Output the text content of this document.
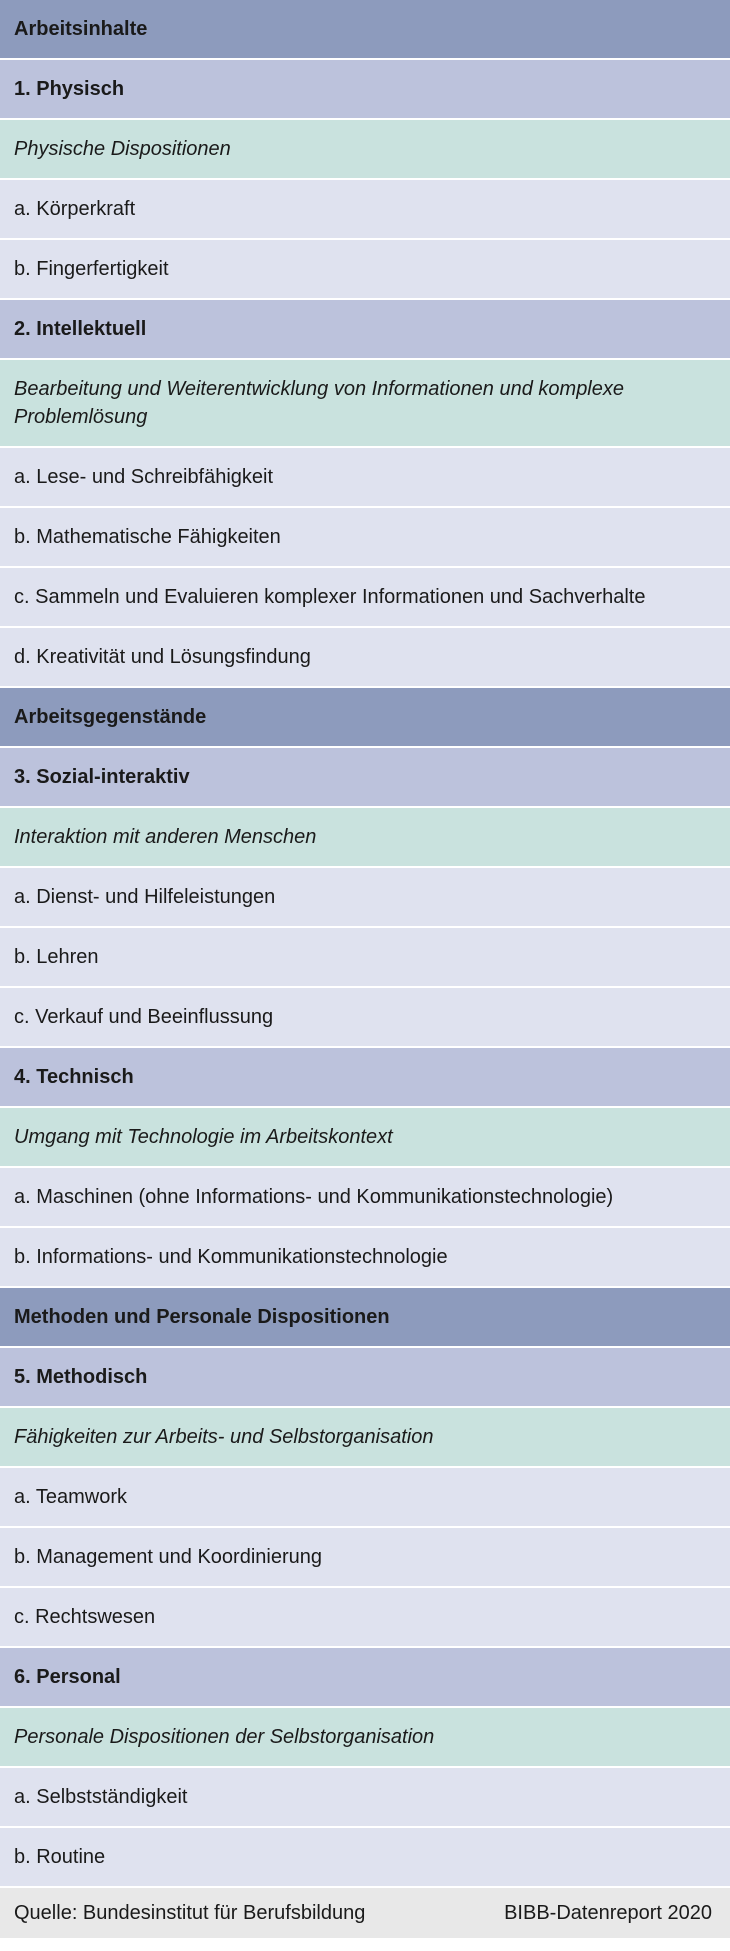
Arbeitsinhalte
1. Physisch
Physische Dispositionen
a. Körperkraft
b. Fingerfertigkeit
2. Intellektuell
Bearbeitung und Weiterentwicklung von Informationen und komplexe Problemlösung
a. Lese- und Schreibfähigkeit
b. Mathematische Fähigkeiten
c. Sammeln und Evaluieren komplexer Informationen und Sachverhalte
d. Kreativität und Lösungsfindung
Arbeitsgegenstände
3. Sozial-interaktiv
Interaktion mit anderen Menschen
a. Dienst- und Hilfeleistungen
b. Lehren
c. Verkauf und Beeinflussung
4. Technisch
Umgang mit Technologie im Arbeitskontext
a. Maschinen (ohne Informations- und Kommunikationstechnologie)
b. Informations- und Kommunikationstechnologie
Methoden und Personale Dispositionen
5. Methodisch
Fähigkeiten zur Arbeits- und Selbstorganisation
a. Teamwork
b. Management und Koordinierung
c. Rechtswesen
6. Personal
Personale Dispositionen der Selbstorganisation
a. Selbstständigkeit
b. Routine
Quelle: Bundesinstitut für Berufsbildung	BIBB-Datenreport 2020
